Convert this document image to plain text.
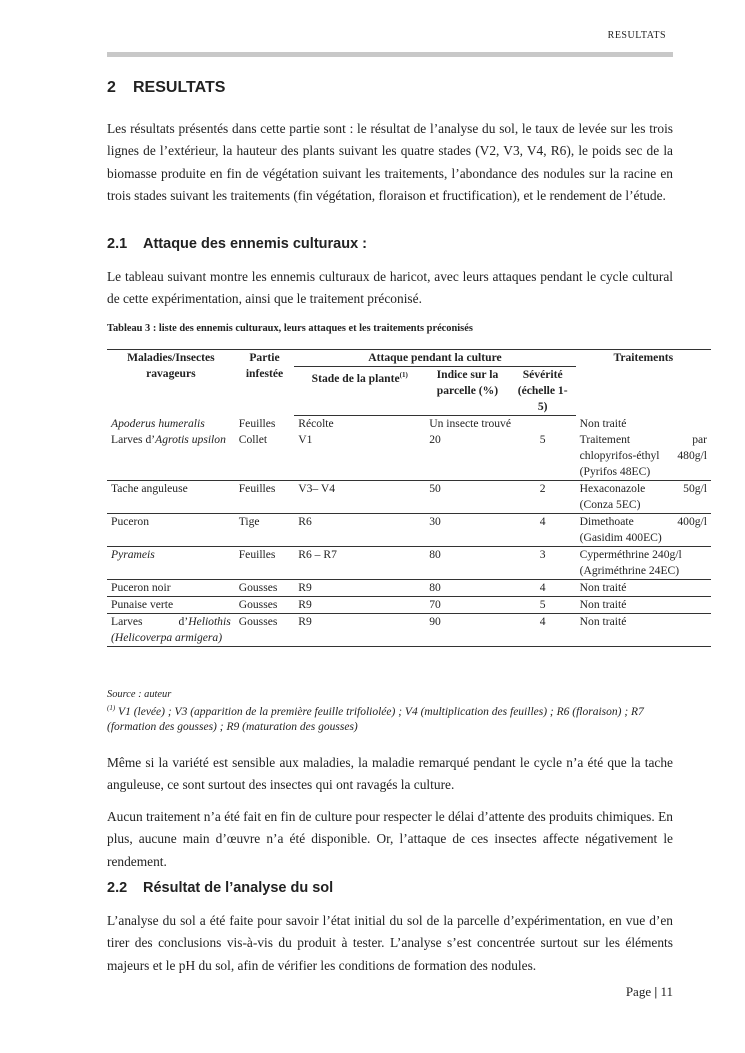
RESULTATS
2 RESULTATS

Les résultats présentés dans cette partie sont : le résultat de l’analyse du sol, le taux de levée sur les trois lignes de l’extérieur, la hauteur des plants suivant les quatre stades (V2, V3, V4, R6), le poids sec de la biomasse produite en fin de végétation suivant les traitements, l’abondance des nodules sur la racine en trois stades suivant les traitements (fin végétation, floraison et fructification), et le rendement de l’étude.

2.1 Attaque des ennemis culturaux :

Le tableau suivant montre les ennemis culturaux de haricot, avec leurs attaques pendant le cycle cultural de cette expérimentation, ainsi que le traitement préconisé.

Tableau 3 : liste des ennemis culturaux, leurs attaques et les traitements préconisés

Maladies/Insectes ravageurs	Partie infestée	Attaque pendant la culture			Traitements
		Stade de la plante$^{(1)}$	Indice sur la parcelle (%)	Sévérité (échelle 1-5)	
Apoderus humeralis	Feuilles	Récolte	Un insecte trouvé		Non traité
Larves d’Agrotis upsilon	Collet	V1	20	5	Traitement par chlopyrifos-éthyl 480g/l (Pyrifos 48EC)
Tache anguleuse	Feuilles	V3– V4	50	2	Hexaconazole 50g/l (Conza 5EC)
Puceron	Tige	R6	30	4	Dimethoate 400g/l (Gasidim 400EC)
Pyrameis	Feuilles	R6 – R7	80	3	Cyperméthrine 240g/l (Agriméthrine 24EC)
Puceron noir	Gousses	R9	80	4	Non traité
Punaise verte	Gousses	R9	70	5	Non traité
Larves d’Heliothis (Helicoverpa armigera)	Gousses	R9	90	4	Non traité
Source : auteur
$^{(1)}$ V1 (levée) ; V3 (apparition de la première feuille trifoliolée) ; V4 (multiplication des feuilles) ; R6 (floraison) ; R7 (formation des gousses) ; R9 (maturation des gousses)

Même si la variété est sensible aux maladies, la maladie remarqué pendant le cycle n’a été que la tache anguleuse, ce sont surtout des insectes qui ont ravagés la culture.

Aucun traitement n’a été fait en fin de culture pour respecter le délai d’attente des produits chimiques. En plus, aucune main d’œuvre n’a été disponible. Or, l’attaque de ces insectes affecte négativement le rendement.

2.2 Résultat de l’analyse du sol

L’analyse du sol a été faite pour savoir l’état initial du sol de la parcelle d’expérimentation, en vue d’en tirer des conclusions vis-à-vis du produit à tester. L’analyse s’est concentrée surtout sur les éléments majeurs et le pH du sol, afin de vérifier les conditions de formation des nodules.

Page | 11
